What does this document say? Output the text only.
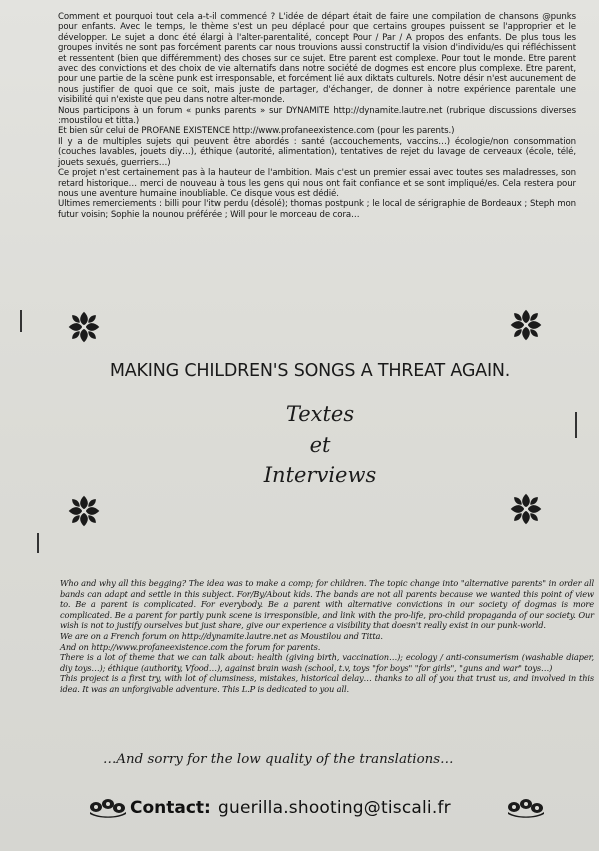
Comment et pourquoi tout cela a-t-il commencé ? L'idée de départ était de faire une compilation de chansons @punks pour enfants. Avec le temps, le thème s'est un peu déplacé pour que certains groupes puissent se l'approprier et le développer. Le sujet a donc été élargi à l'alter-parentalité, concept Pour / Par / A propos des enfants. De plus tous les groupes invités ne sont pas forcément parents car nous trouvions aussi constructif la vision d'individu/es qui réfléchissent et ressentent (bien que différemment) des choses sur ce sujet. Etre parent est complexe. Pour tout le monde. Etre parent avec des convictions et des choix de vie alternatifs dans notre société de dogmes est encore plus complexe. Etre parent, pour une partie de la scène punk est irresponsable, et forcément lié aux diktats culturels. Notre désir n'est aucunement de nous justifier de quoi que ce soit, mais juste de partager, d'échanger, de donner à notre expérience parentale une visibilité qui n'existe que peu dans notre alter-monde.

Nous participons à un forum « punks parents » sur DYNAMITE http://dynamite.lautre.net (rubrique discussions diverses :moustilou et titta.)

Et bien sûr celui de PROFANE EXISTENCE http://www.profaneexistence.com (pour les parents.)

Il y a de multiples sujets qui peuvent être abordés : santé (accouchements, vaccins…) écologie/non consommation (couches lavables, jouets diy…), éthique (autorité, alimentation), tentatives de rejet du lavage de cerveaux (école, télé, jouets sexués, guerriers…)

Ce projet n'est certainement pas à la hauteur de l'ambition. Mais c'est un premier essai avec toutes ses maladresses, son retard historique… merci de nouveau à tous les gens qui nous ont fait confiance et se sont impliqué/es. Cela restera pour nous une aventure humaine inoubliable. Ce disque vous est dédié.

Ultimes remerciements : billi pour l'itw perdu (désolé); thomas postpunk ; le local de sérigraphie de Bordeaux ; Steph mon futur voisin; Sophie la nounou préférée ; Will pour le morceau de cora…

MAKING CHILDREN'S SONGS A THREAT AGAIN.
Textes
et
Interviews

Who and why all this begging? The idea was to make a comp; for children. The topic change into "alternative parents" in order all bands can adapt and settle in this subject. For/By/About kids. The bands are not all parents because we wanted this point of view to. Be a parent is complicated. For everybody. Be a parent with alternative convictions in our society of dogmas is more complicated. Be a parent for partly punk scene is irresponsible, and link with the pro-life, pro-child propaganda of our society. Our wish is not to justify ourselves but just share, give our experience a visibility that doesn't really exist in our punk-world.

We are on a French forum on http://dynamite.lautre.net as Moustilou and Titta.

And on http://www.profaneexistence.com the forum for parents.

There is a lot of theme that we can talk about: health (giving birth, vaccination…); ecology / anti-consumerism (washable diaper, diy toys…); éthique (authority, Vfood…), against brain wash (school, t.v, toys "for boys" "for girls", "guns and war" toys…)

This project is a first try, with lot of clumsiness, mistakes, historical delay… thanks to all of you that trust us, and involved in this idea. It was an unforgivable adventure. This L.P is dedicated to you all.

…And sorry for the low quality of the translations…
Contact: guerilla.shooting@tiscali.fr
